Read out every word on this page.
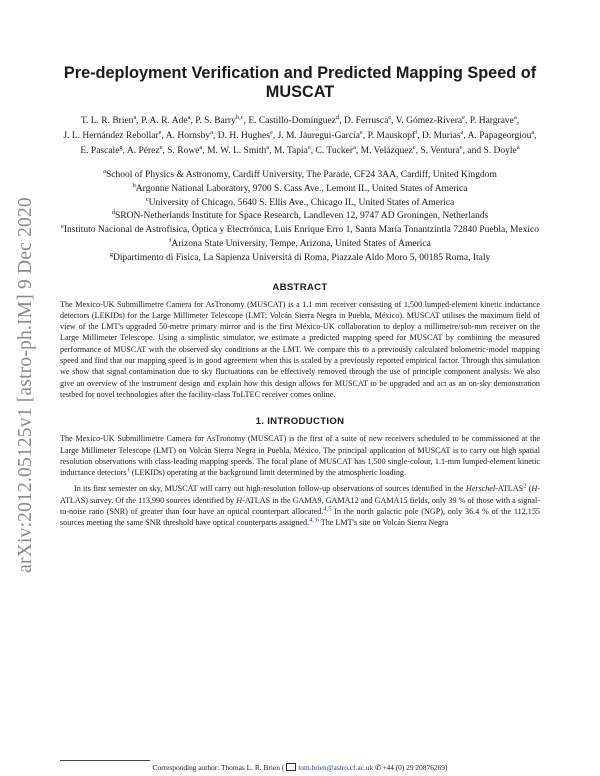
arXiv:2012.05125v1 [astro-ph.IM] 9 Dec 2020
Pre-deployment Verification and Predicted Mapping Speed of
MUSCAT
T. L. R. Brien$^a$, P. A. R. Ade$^a$, P. S. Barry$^{b,c}$, E. Castillo-Domínguez$^d$, D. Ferrusca$^e$, V. Gómez-Rivera$^e$, P. Hargrave$^a$, J. L. Hernández Rebollar$^e$, A. Hornsby$^a$, D. H. Hughes$^e$, J. M. Jáuregui-García$^e$, P. Mauskopf$^f$, D. Murias$^a$, A. Papageorgiou$^a$, E. Pascale$^g$, A. Pérez$^e$, S. Rowe$^a$, M. W. L. Smith$^a$, M. Tapia$^e$, C. Tucker$^a$, M. Velázquez$^e$, S. Ventura$^e$, and S. Doyle$^a$
$^a$School of Physics & Astronomy, Cardiff University, The Parade, CF24 3AA, Cardiff, United Kingdom
$^b$Argonne National Laboratory, 9700 S. Cass Ave., Lemont IL, United States of America
$^c$University of Chicago, 5640 S. Ellis Ave., Chicago IL, United States of America
$^d$SRON-Netherlands Institute for Space Research, Landleven 12, 9747 AD Groningen, Netherlands
$^e$Instituto Nacional de Astrofísica, Óptica y Electrónica, Luis Enrique Erro 1, Santa María Tonantzintla 72840 Puebla, Mexico
$^f$Arizona State University, Tempe, Arizona, United States of America
$^g$Dipartimento di Fisica, La Sapienza Universitá di Roma, Piazzale Aldo Moro 5, 00185 Roma, Italy
ABSTRACT

The Mexico-UK Submillimetre Camera for AsTronomy (MUSCAT) is a 1.1 mm receiver consisting of 1,500 lumped-element kinetic inductance detectors (LEKIDs) for the Large Millimeter Telescope (LMT; Volcán Sierra Negra in Puebla, México). MUSCAT utilises the maximum field of view of the LMT's upgraded 50-metre primary mirror and is the first México-UK collaboration to deploy a millimetre/sub-mm receiver on the Large Millimeter Telescope. Using a simplistic simulator, we estimate a predicted mapping speed for MUSCAT by combining the measured performance of MUSCAT with the observed sky conditions at the LMT. We compare this to a previously calculated bolometric-model mapping speed and find that our mapping speed is in good agreement when this is scaled by a previously reported empirical factor. Through this simulation we show that signal contamination due to sky fluctuations can be effectively removed through the use of principle component analysis. We also give an overview of the instrument design and explain how this design allows for MUSCAT to be upgraded and act as an on-sky demonstration testbed for novel technologies after the facility-class ToLTEC receiver comes online.

1. INTRODUCTION

The Mexico-UK Submillimetre Camera for AsTronomy (MUSCAT) is the first of a suite of new receivers scheduled to be commissioned at the Large Millimeter Telescope (LMT) on Volcán Sierra Negra in Puebla, México. The principal application of MUSCAT is to carry out high spatial resolution observations with class-leading mapping speeds. The focal plane of MUSCAT has 1,500 single-colour, 1.1-mm lumped-element kinetic inductance detectors$^1$ (LEKIDs) operating at the background limit determined by the atmospheric loading.

In its first semester on sky, MUSCAT will carry out high-resolution follow-up observations of sources identified in the Herschel-ATLAS$^2$ (H-ATLAS) survey. Of the 113,990 sources identified by H-ATLAS in the GAMA9, GAMA12 and GAMA15 fields, only 39 % of those with a signal-to-noise ratio (SNR) of greater than four have an optical counterpart allocated.$^{4,5}$ In the north galactic pole (NGP), only 36.4 % of the 112,155 sources meeting the same SNR threshold have optical counterparts assigned.$^{4, 6}$ The LMT's site on Volcán Sierra Negra

Corresponding author: Thomas L. R. Brien ( tom.brien@astro.cf.ac.uk ✆+44 (0) 29 20876269)
